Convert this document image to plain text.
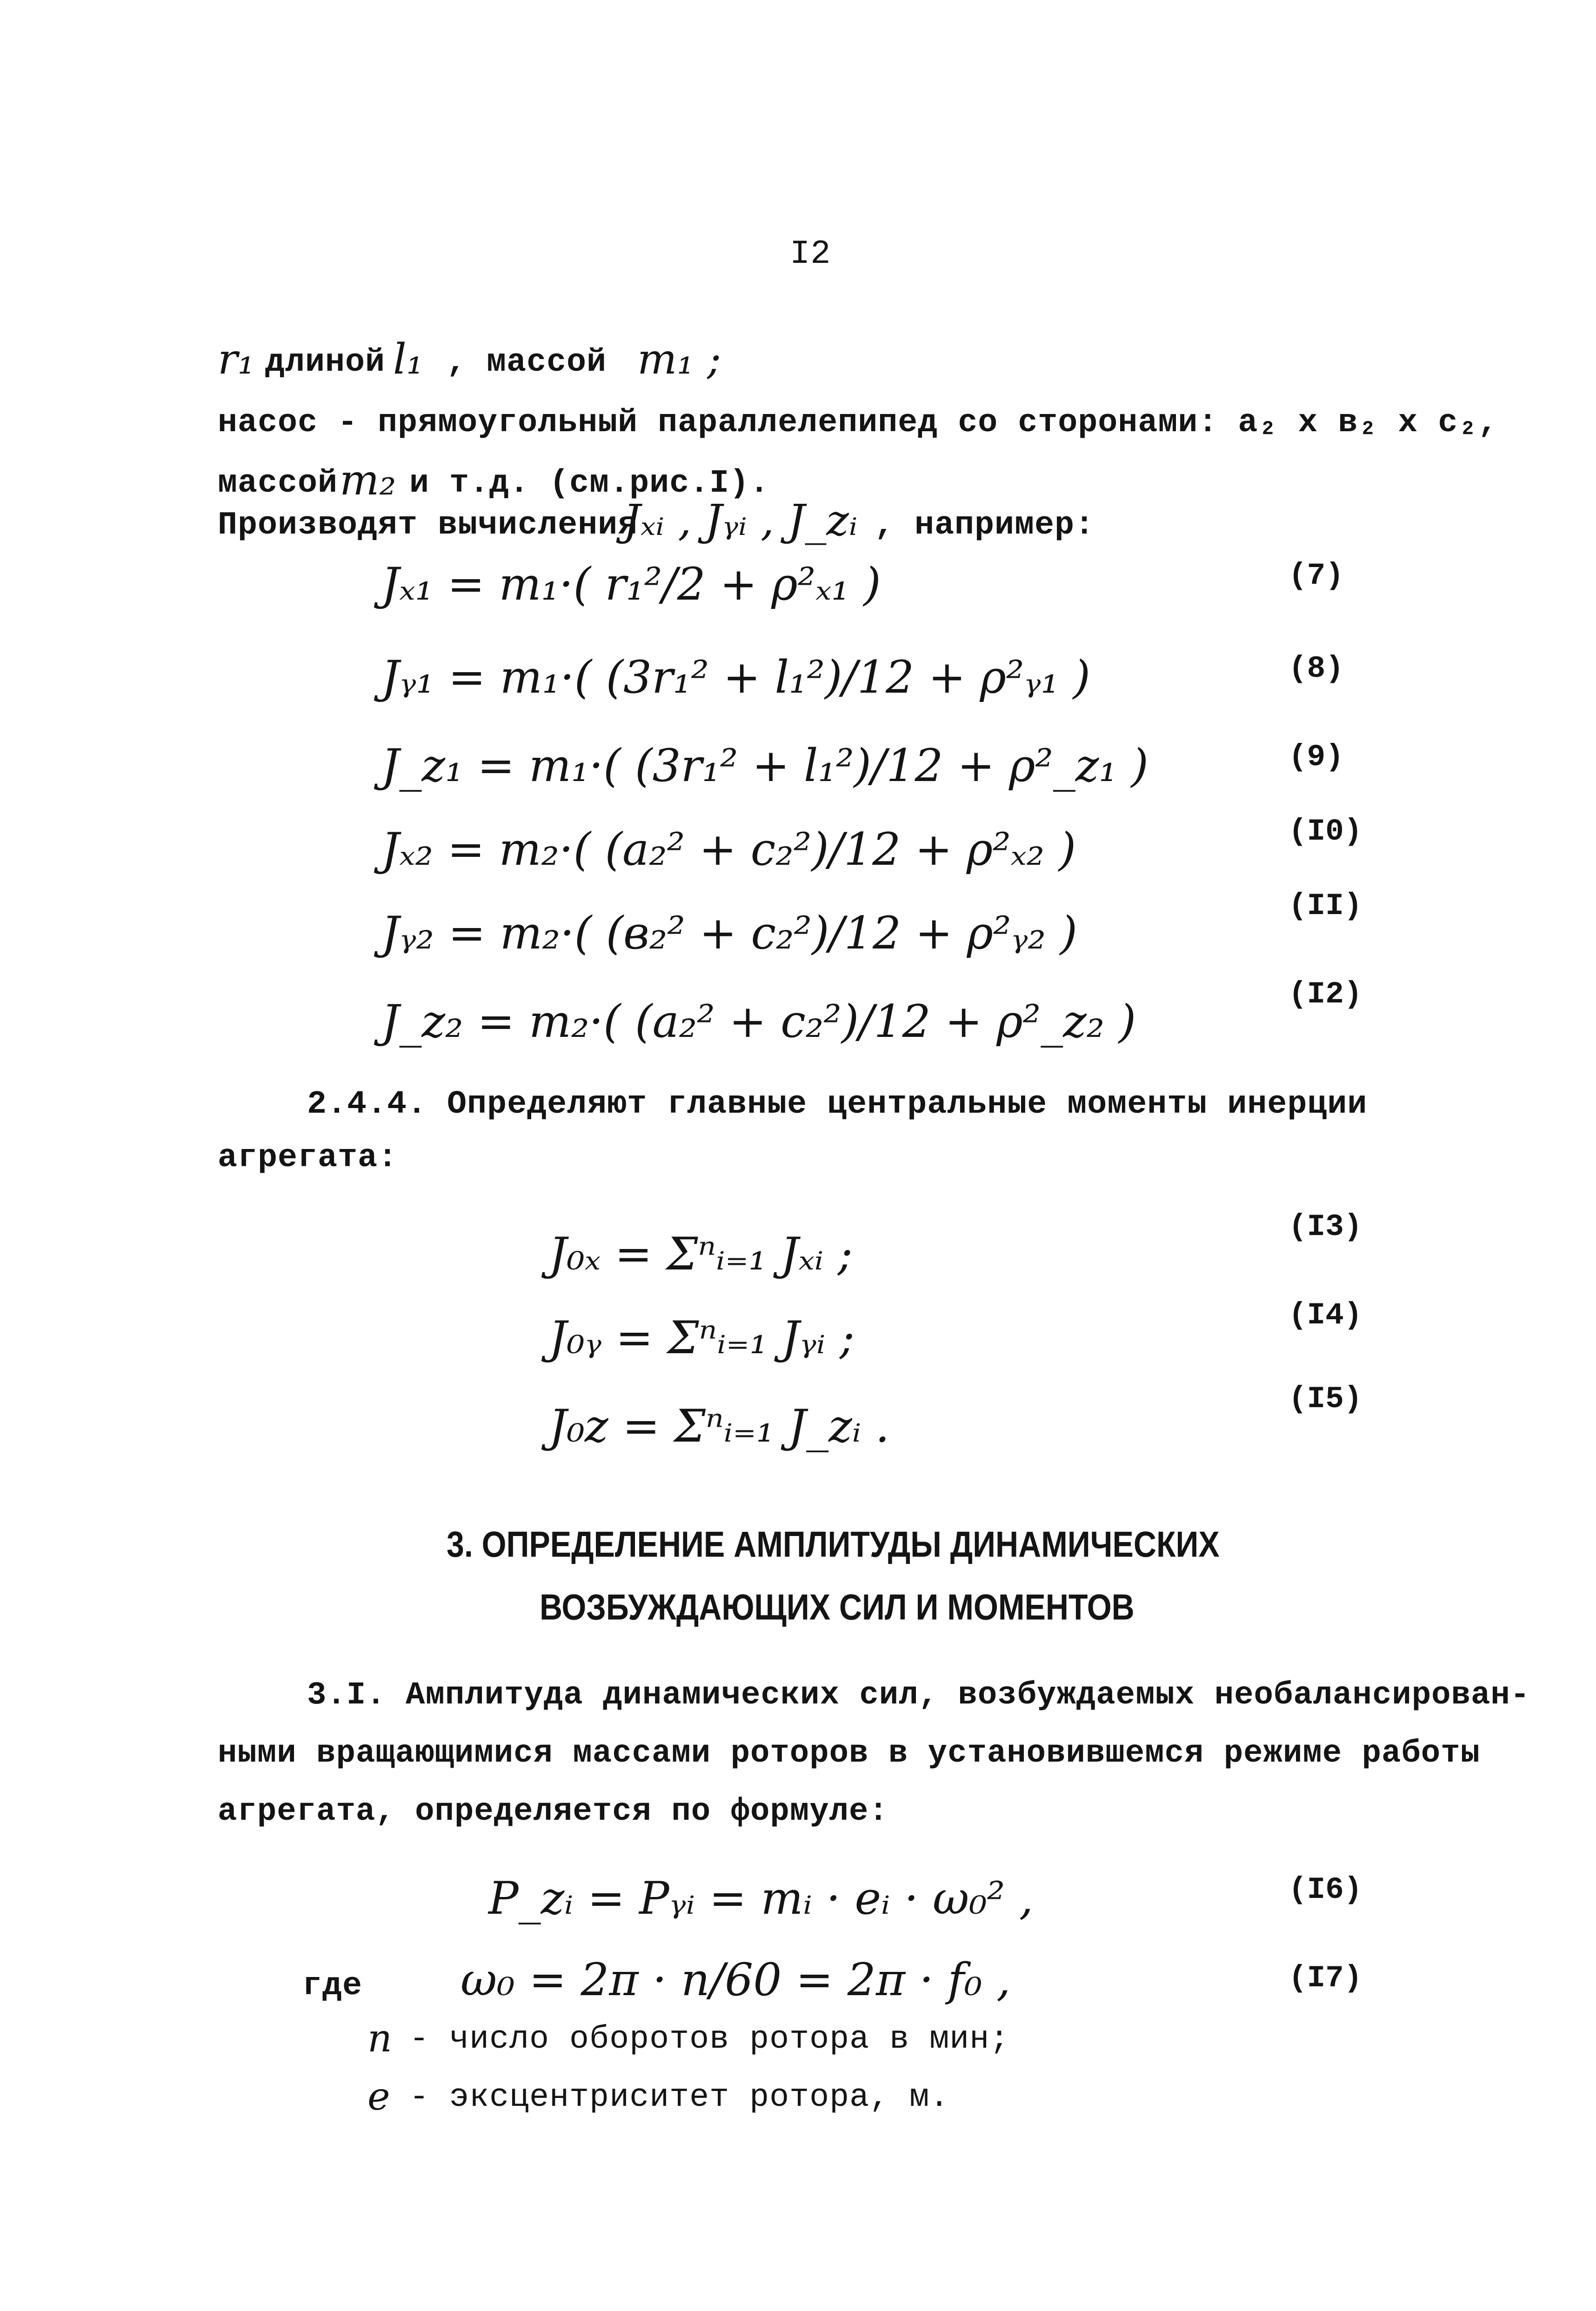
I2
r₁ длиной l₁ , массой m₁ ;
насос - прямоугольный параллелепипед со сторонами: a₂ x в₂ x c₂,
массой m₂ и т.д. (см.рис.I).
Производят вычисления
Jₓᵢ , Jᵧᵢ , J_zᵢ , например:
Jₓ₁ = m₁·( r₁²/2 + ρ²ₓ₁ )	(7)
Jᵧ₁ = m₁·( (3r₁² + l₁²)/12 + ρ²ᵧ₁ )	(8)
J_z₁ = m₁·( (3r₁² + l₁²)/12 + ρ²_z₁ )	(9)
Jₓ₂ = m₂·( (a₂² + c₂²)/12 + ρ²ₓ₂ )	(I0)
Jᵧ₂ = m₂·( (в₂² + c₂²)/12 + ρ²ᵧ₂ )
(II)
J_z₂ = m₂·( (a₂² + c₂²)/12 + ρ²_z₂ )
(I2)
2.4.4. Определяют главные центральные моменты инерции
агрегата:
J₀ₓ = Σⁿᵢ₌₁ Jₓᵢ ;
(I3)
J₀ᵧ = Σⁿᵢ₌₁ Jᵧᵢ ;	(I4)
J₀z = Σⁿᵢ₌₁ J_zᵢ .
(I5)
3. ОПРЕДЕЛЕНИЕ АМПЛИТУДЫ ДИНАМИЧЕСКИХ
ВОЗБУЖДАЮЩИХ СИЛ И МОМЕНТОВ
3.I. Амплитуда динамических сил, возбуждаемых необалансирован-
ными вращающимися массами роторов в установившемся режиме работы
агрегата, определяется по формуле:
P_zᵢ = Pᵧᵢ = mᵢ · eᵢ · ω₀² ,	(I6)
где ω₀ = 2π · n/60 = 2π · f₀ ,	(I7)
n - число оборотов ротора в мин;
e - эксцентриситет ротора, м.
